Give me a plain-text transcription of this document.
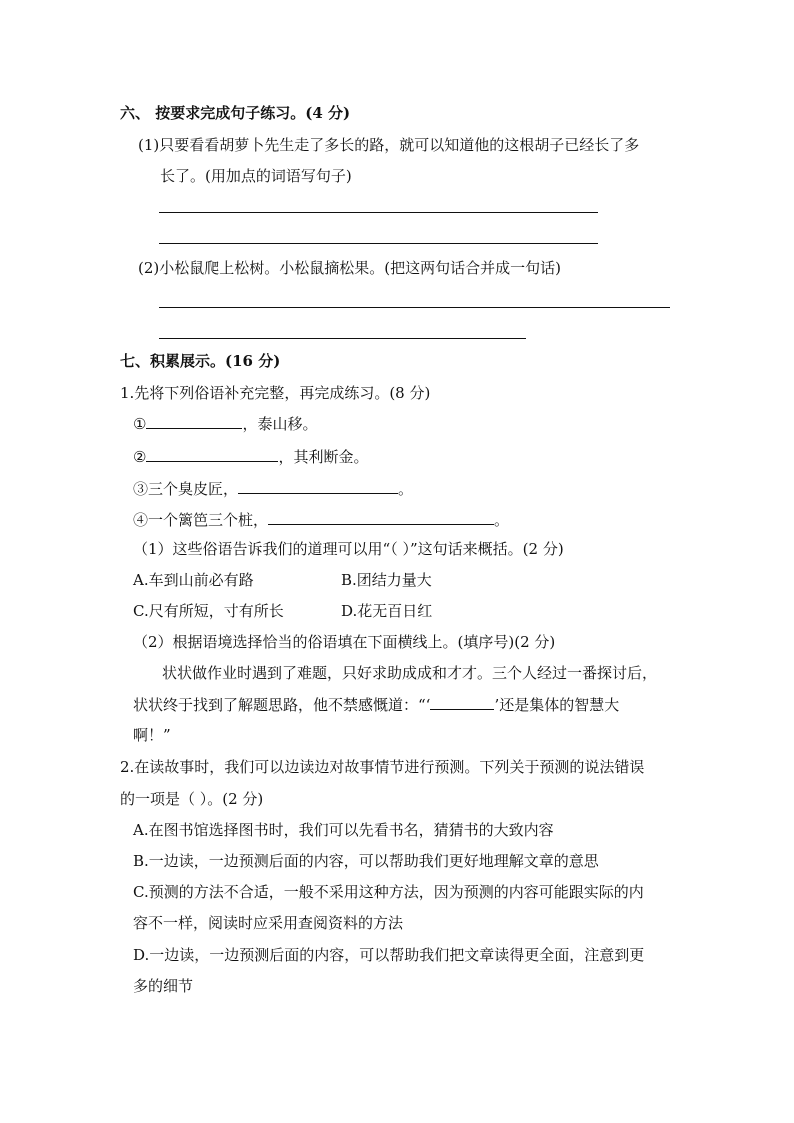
六、 按要求完成句子练习。(4 分)
(1)只要看看胡萝卜先生走了多长的路，就可以知道他的这根胡子已经长了多
长了。(用加点的词语写句子)
(2)小松鼠爬上松树。小松鼠摘松果。(把这两句话合并成一句话)
七、积累展示。(16 分)
1.先将下列俗语补充完整，再完成练习。(8 分)
①	，泰山移。
②	，其利断金。
③三个臭皮匠，	。
④一个篱笆三个桩，	。
（1）这些俗语告诉我们的道理可以用“（ ）”这句话来概括。(2 分)
A.车到山前必有路	B.团结力量大
C.尺有所短，寸有所长	D.花无百日红
（2）根据语境选择恰当的俗语填在下面横线上。(填序号)(2 分)
状状做作业时遇到了难题，只好求助成成和才才。三个人经过一番探讨后，
状状终于找到了解题思路，他不禁感慨道：“‘	’还是集体的智慧大
啊！”
2.在读故事时，我们可以边读边对故事情节进行预测。下列关于预测的说法错误
的一项是（ ）。(2 分)
A.在图书馆选择图书时，我们可以先看书名，猜猜书的大致内容
B.一边读，一边预测后面的内容，可以帮助我们更好地理解文章的意思
C.预测的方法不合适，一般不采用这种方法，因为预测的内容可能跟实际的内
容不一样，阅读时应采用查阅资料的方法
D.一边读，一边预测后面的内容，可以帮助我们把文章读得更全面，注意到更
多的细节
